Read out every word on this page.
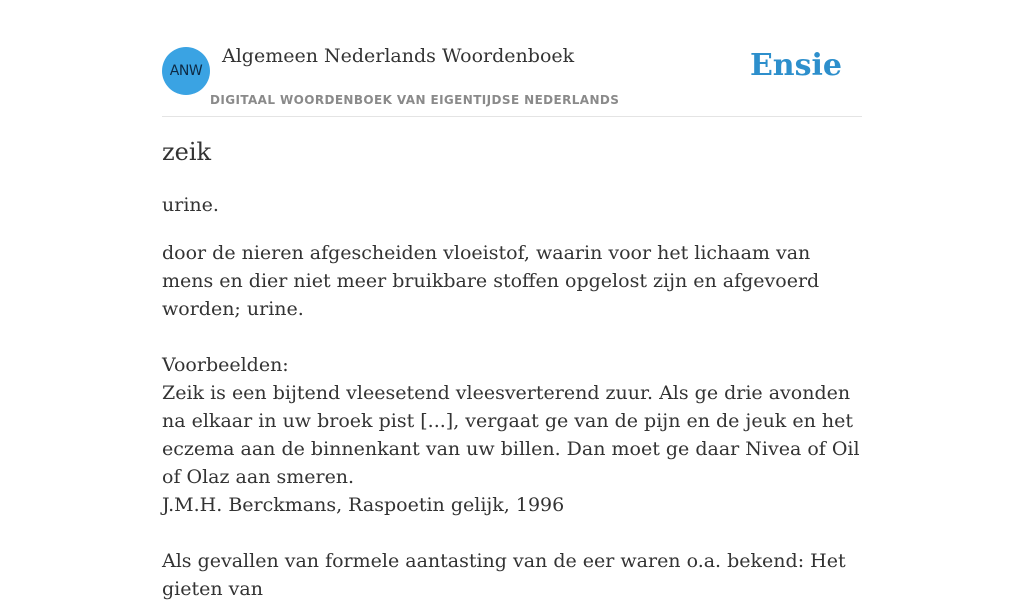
ANW
Algemeen Nederlands Woordenboek
DIGITAAL WOORDENBOEK VAN EIGENTIJDSE NEDERLANDS
Ensie
zeik

urine.

door de nieren afgescheiden vloeistof, waarin voor het lichaam van mens en dier niet meer bruikbare stoffen opgelost zijn en afgevoerd worden; urine.

Voorbeelden:

Zeik is een bijtend vleesetend vleesverterend zuur. Als ge drie avonden na elkaar in uw broek pist [...], vergaat ge van de pijn en de jeuk en het eczema aan de binnenkant van uw billen. Dan moet ge daar Nivea of Oil of Olaz aan smeren.

J.M.H. Berckmans, Raspoetin gelijk, 1996

Als gevallen van formele aantasting van de eer waren o.a. bekend: Het gieten van
